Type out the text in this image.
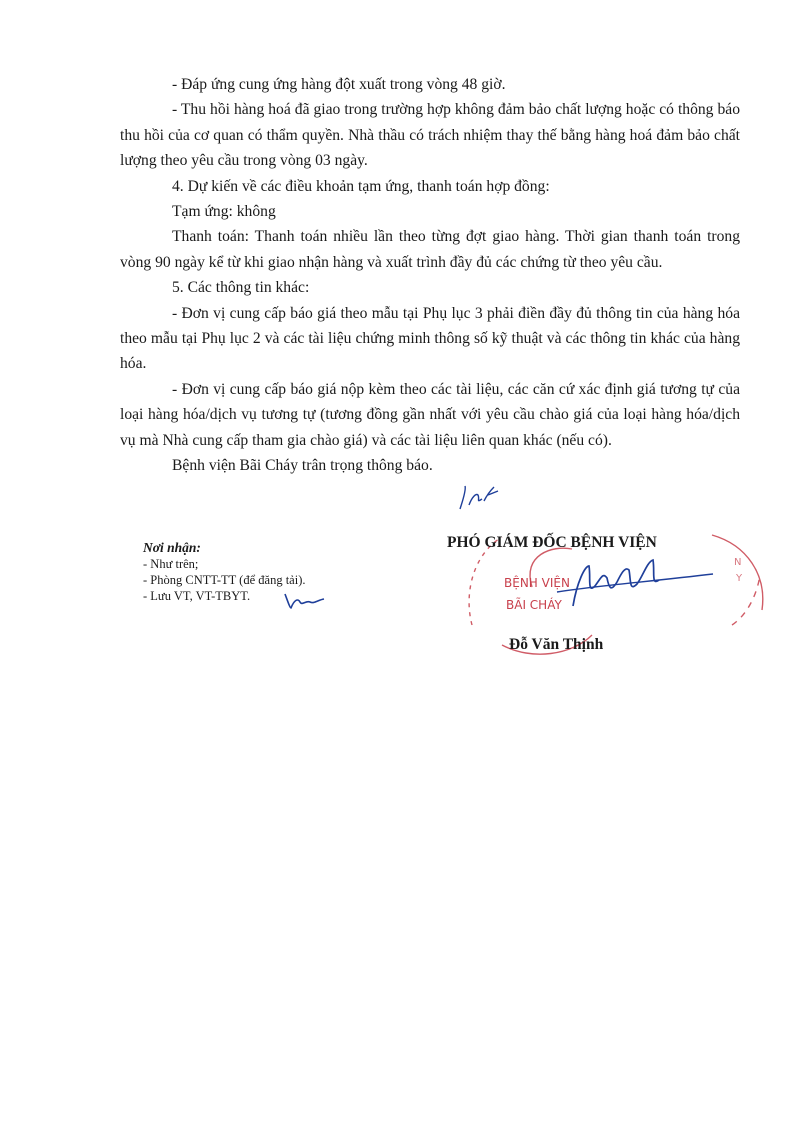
- Đáp ứng cung ứng hàng đột xuất trong vòng 48 giờ.

- Thu hồi hàng hoá đã giao trong trường hợp không đảm bảo chất lượng hoặc có thông báo thu hồi của cơ quan có thẩm quyền. Nhà thầu có trách nhiệm thay thế bằng hàng hoá đảm bảo chất lượng theo yêu cầu trong vòng 03 ngày.

4. Dự kiến về các điều khoản tạm ứng, thanh toán hợp đồng:

Tạm ứng: không

Thanh toán: Thanh toán nhiều lần theo từng đợt giao hàng. Thời gian thanh toán trong vòng 90 ngày kể từ khi giao nhận hàng và xuất trình đầy đủ các chứng từ theo yêu cầu.

5. Các thông tin khác:

- Đơn vị cung cấp báo giá theo mẫu tại Phụ lục 3 phải điền đầy đủ thông tin của hàng hóa theo mẫu tại Phụ lục 2 và các tài liệu chứng minh thông số kỹ thuật và các thông tin khác của hàng hóa.

- Đơn vị cung cấp báo giá nộp kèm theo các tài liệu, các căn cứ xác định giá tương tự của loại hàng hóa/dịch vụ tương tự (tương đồng gần nhất với yêu cầu chào giá của loại hàng hóa/dịch vụ mà Nhà cung cấp tham gia chào giá) và các tài liệu liên quan khác (nếu có).

Bệnh viện Bãi Cháy trân trọng thông báo.

Nơi nhận:
- Như trên;
- Phòng CNTT-TT (để đăng tải).
- Lưu VT, VT-TBYT.
BỆNH VIỆN
BÃI CHÁY
N
Y
PHÓ GIÁM ĐỐC BỆNH VIỆN
Đỗ Văn Thịnh
